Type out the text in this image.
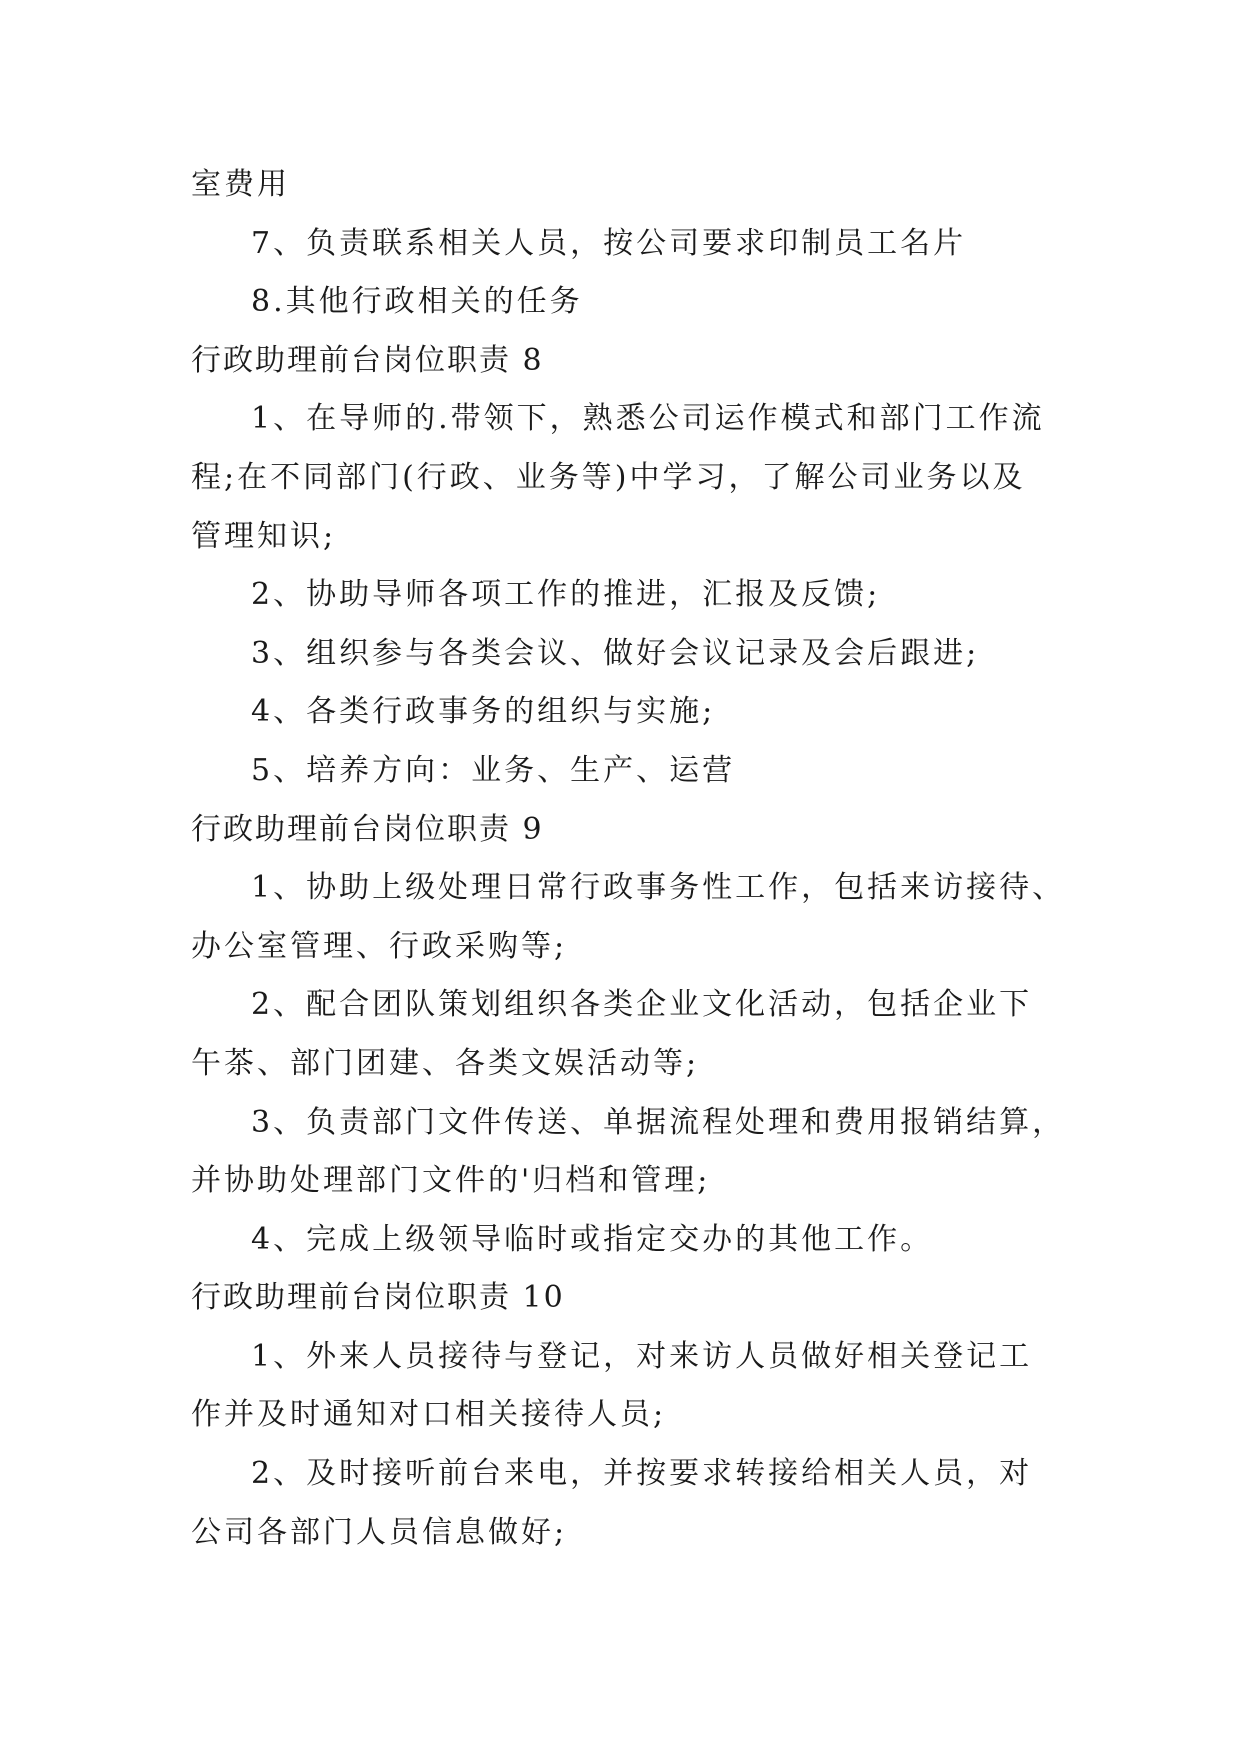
室费用
7、负责联系相关人员，按公司要求印制员工名片
8.其他行政相关的任务
行政助理前台岗位职责 8
1、在导师的.带领下，熟悉公司运作模式和部门工作流
程;在不同部门(行政、业务等)中学习，了解公司业务以及
管理知识;
2、协助导师各项工作的推进，汇报及反馈;
3、组织参与各类会议、做好会议记录及会后跟进;
4、各类行政事务的组织与实施;
5、培养方向：业务、生产、运营
行政助理前台岗位职责 9
1、协助上级处理日常行政事务性工作，包括来访接待、
办公室管理、行政采购等;
2、配合团队策划组织各类企业文化活动，包括企业下
午茶、部门团建、各类文娱活动等;
3、负责部门文件传送、单据流程处理和费用报销结算，
并协助处理部门文件的'归档和管理;
4、完成上级领导临时或指定交办的其他工作。
行政助理前台岗位职责 10
1、外来人员接待与登记，对来访人员做好相关登记工
作并及时通知对口相关接待人员;
2、及时接听前台来电，并按要求转接给相关人员，对
公司各部门人员信息做好;
